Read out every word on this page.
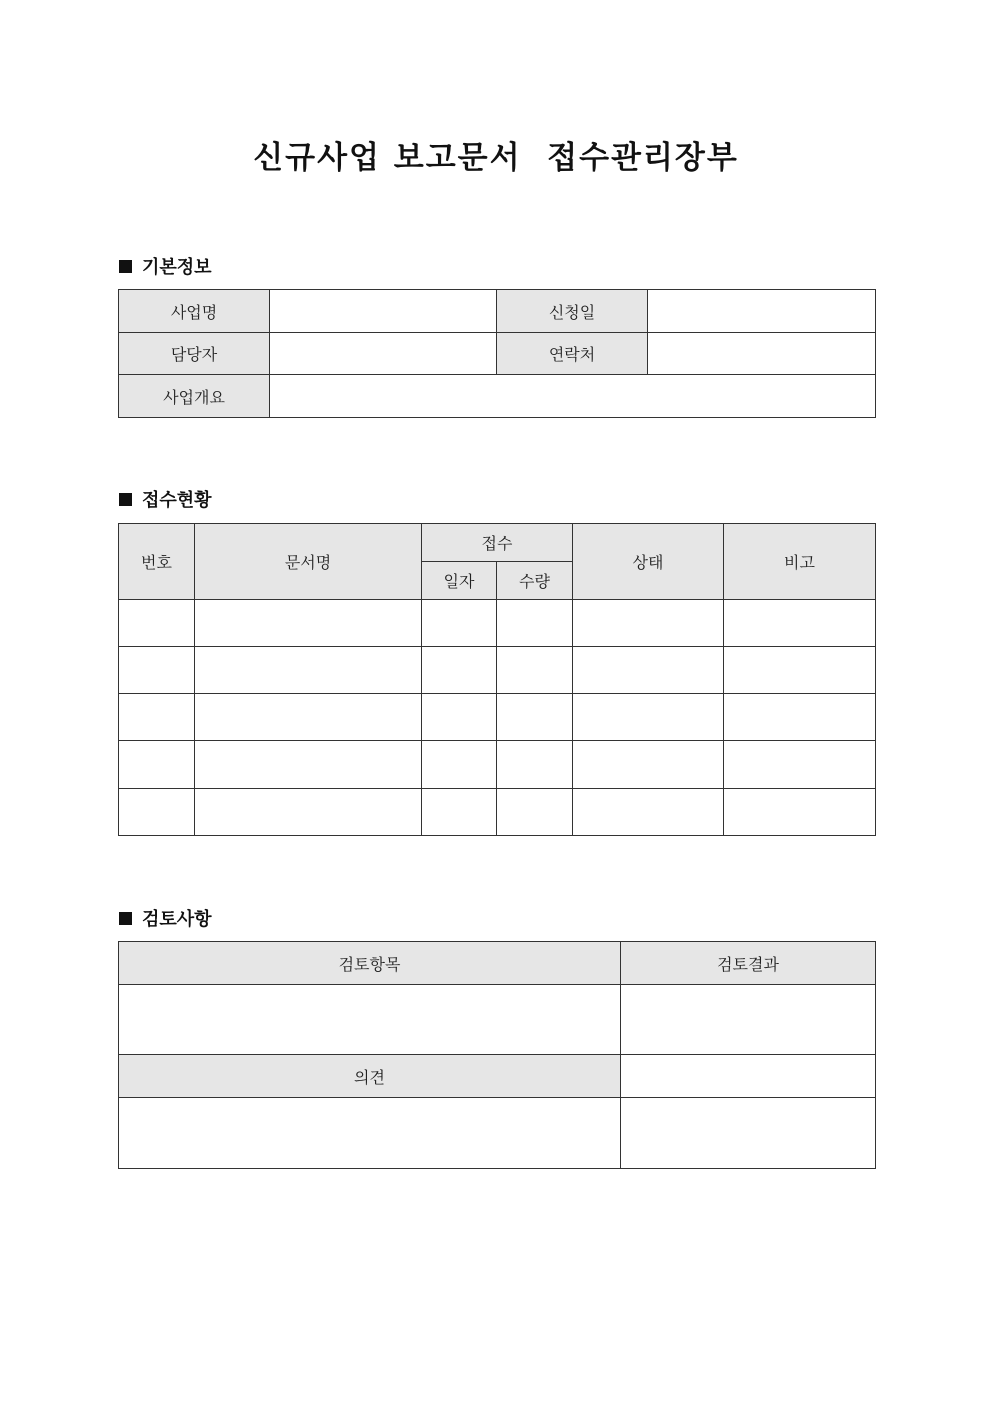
신규사업 보고문서  접수관리장부
기본정보
사업명		신청일	
담당자		연락처	
사업개요			
접수현황
번호	문서명	접수		상태	비고
		일자	수량		

검토사항
검토항목	검토결과

의견	
